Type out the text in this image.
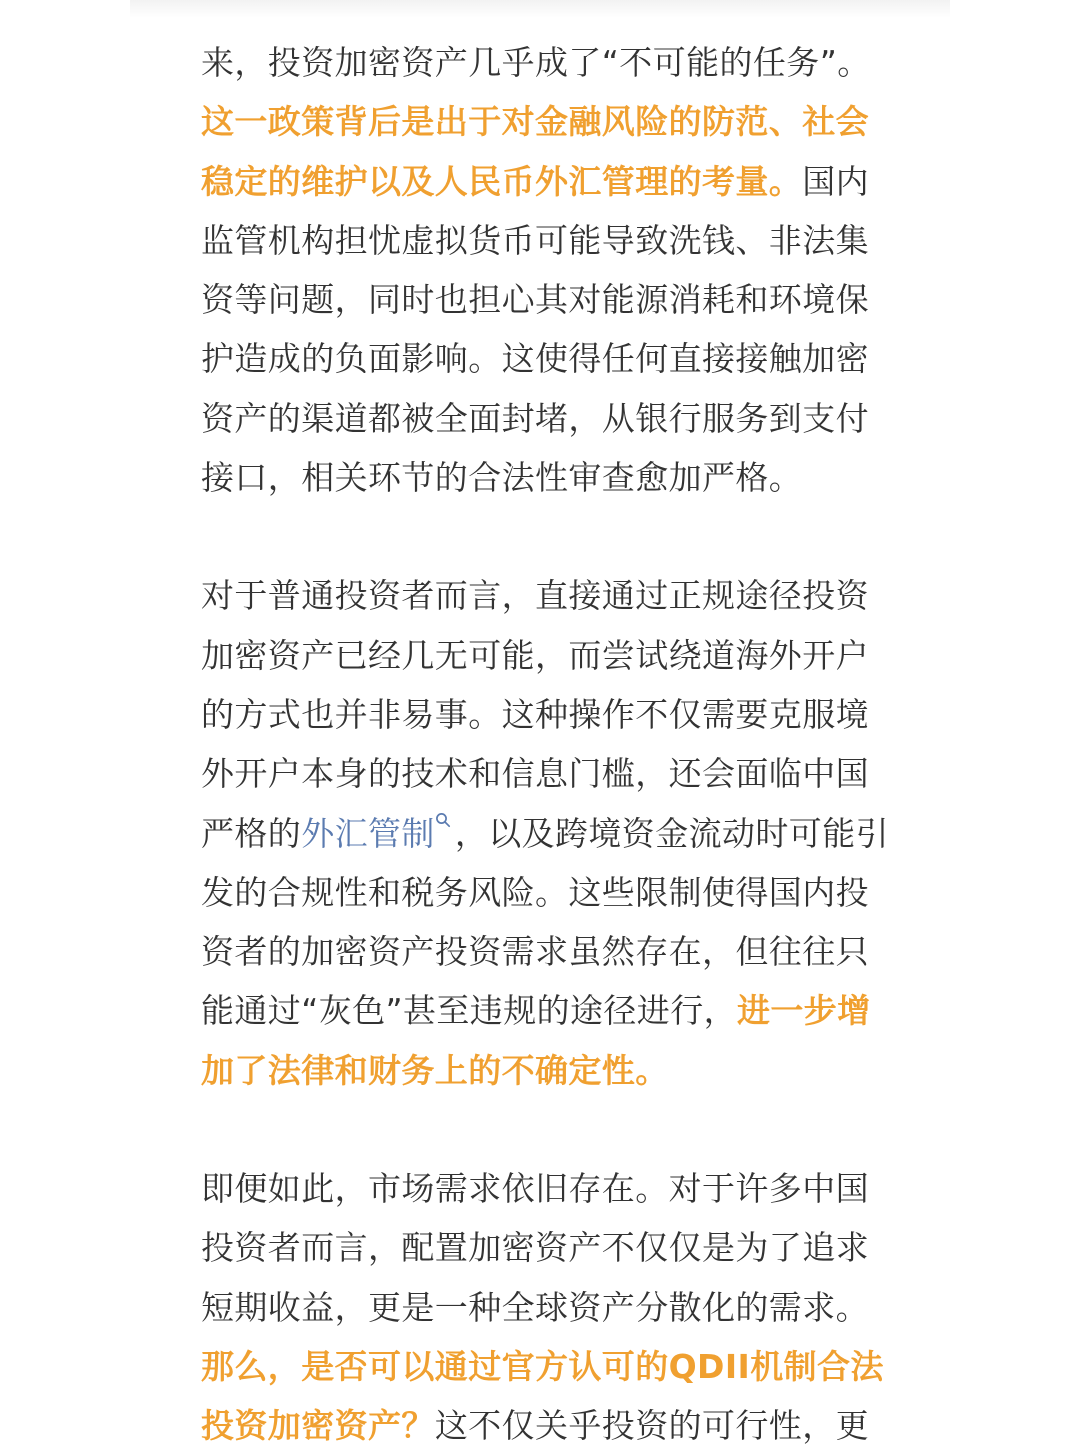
来，投资加密资产几乎成了“不可能的任务”。这一政策背后是出于对金融风险的防范、社会稳定的维护以及人民币外汇管理的考量。国内监管机构担忧虚拟货币可能导致洗钱、非法集资等问题，同时也担心其对能源消耗和环境保护造成的负面影响。这使得任何直接接触加密资产的渠道都被全面封堵，从银行服务到支付接口，相关环节的合法性审查愈加严格。

对于普通投资者而言，直接通过正规途径投资加密资产已经几无可能，而尝试绕道海外开户的方式也并非易事。这种操作不仅需要克服境外开户本身的技术和信息门槛，还会面临中国严格的外汇管制 ，以及跨境资金流动时可能引发的合规性和税务风险。这些限制使得国内投资者的加密资产投资需求虽然存在，但往往只能通过“灰色”甚至违规的途径进行，进一步增加了法律和财务上的不确定性。

即便如此，市场需求依旧存在。对于许多中国投资者而言，配置加密资产不仅仅是为了追求短期收益，更是一种全球资产分散化的需求。那么，是否可以通过官方认可的QDII机制合法投资加密资产？这不仅关乎投资的可行性，更
